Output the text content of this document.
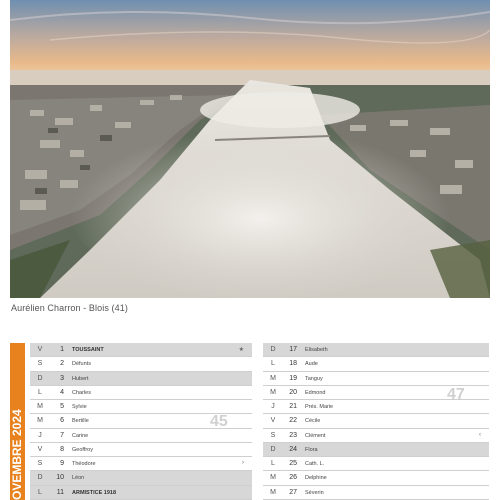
Aurélien Charron - Blois (41)
OVEMBRE 2024
V	1 TOUSSAINT	★
S	2 Défunts
D	3 Hubert
L	4 Charles
M	5 Sylvie
M	6 Bertille
J	7 Carine
V	8 Geoffroy
S	9 Théodore	›
D	10 Léon
L	11 ARMISTICE 1918
45
D	17 Elisabeth
L	18 Aude
M	19 Tanguy
M	20 Edmond
J	21 Prés. Marie
V	22 Cécile
S	23 Clément	‹
D	24 Flora
L	25 Cath. L.
M	26 Delphine
M	27 Séverin
47
